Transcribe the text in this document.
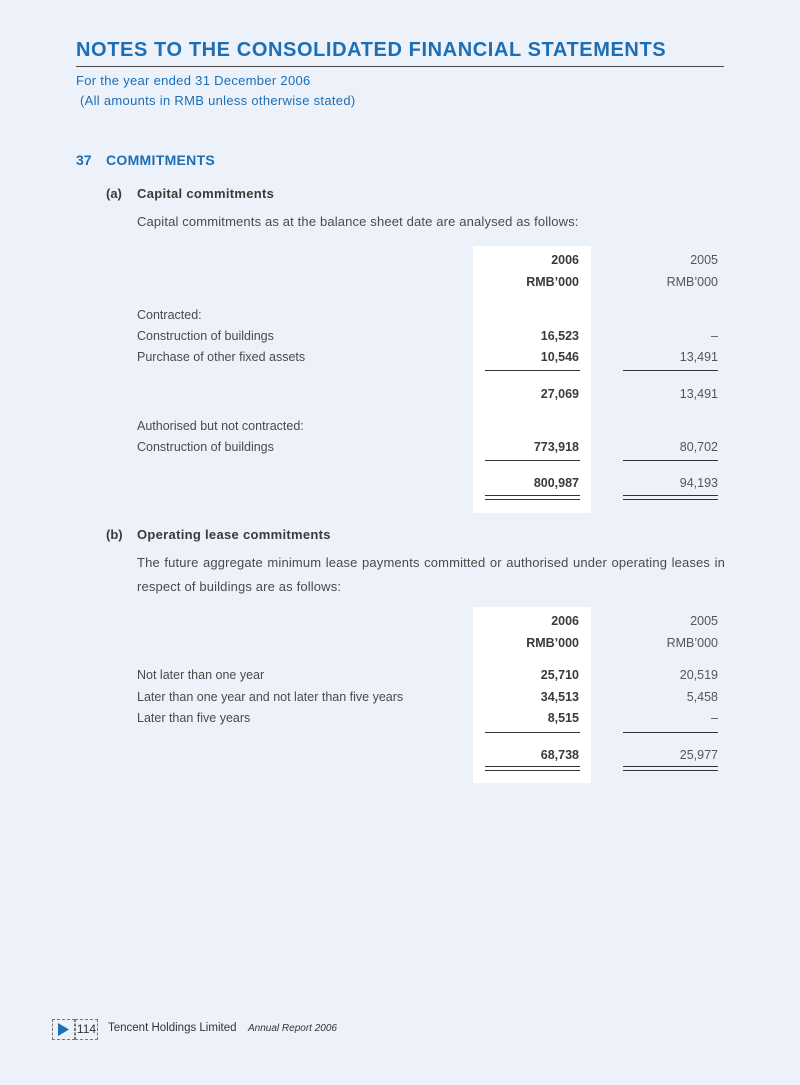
NOTES TO THE CONSOLIDATED FINANCIAL STATEMENTS
For the year ended 31 December 2006
(All amounts in RMB unless otherwise stated)
37 COMMITMENTS
(a) Capital commitments
Capital commitments as at the balance sheet date are analysed as follows:
2006	2005
RMB’000	RMB’000
Contracted:
Construction of buildings	16,523	–
Purchase of other fixed assets	10,546	13,491
27,069	13,491
Authorised but not contracted:
Construction of buildings	773,918	80,702
800,987	94,193
(b) Operating lease commitments
The future aggregate minimum lease payments committed or authorised under operating leases in respect of buildings are as follows:
2006	2005
RMB’000	RMB’000
Not later than one year	25,710	20,519
Later than one year and not later than five years	34,513	5,458
Later than five years	8,515	–
68,738	25,977
114 Tencent Holdings Limited Annual Report 2006
